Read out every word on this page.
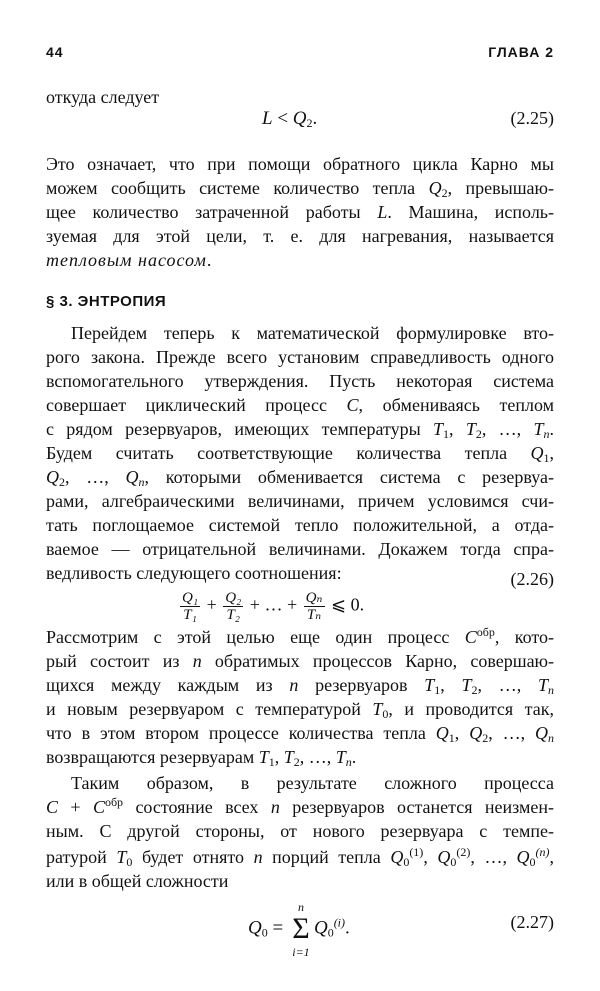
44	ГЛАВА 2
откуда следует
$L < Q_2$.	(2.25)
Это означает, что при помощи обратного цикла Карно мы
можем сообщить системе количество тепла $Q_2$, превышаю-
щее количество затраченной работы L. Машина, исполь-
зуемая для этой цели, т. е. для нагревания, называется
тепловым насосом.
§ 3. ЭНТРОПИЯ
Перейдем теперь к математической формулировке вто-
рого закона. Прежде всего установим справедливость одного
вспомогательного утверждения. Пусть некоторая система
совершает циклический процесс C, обмениваясь теплом
с рядом резервуаров, имеющих температуры $T_1$, $T_2$, …, $T_n$.
Будем считать соответствующие количества тепла $Q_1$,
$Q_2$, …, $Q_n$, которыми обменивается система с резервуа-
рами, алгебраическими величинами, причем условимся счи-
тать поглощаемое системой тепло положительной, а отда-
ваемое — отрицательной величинами. Докажем тогда спра-
ведливость следующего соотношения:
$\frac{\text{Q₁}}{\text{T₁}} + \frac{\text{Q₂}}{\text{T₂}}$ + … + $\frac{\text{Qₙ}}{\text{Tₙ}}$ ⩽ 0.
(2.26)
Рассмотрим с этой целью еще один процесс $C^{обр}$, кото-
рый состоит из n обратимых процессов Карно, совершаю-
щихся между каждым из n резервуаров $T_1$, $T_2$, …, $T_n$
и новым резервуаром с температурой $T_0$, и проводится так,
что в этом втором процессе количества тепла $Q_1$, $Q_2$, …, $Q_n$
возвращаются резервуарам $T_1$, $T_2$, …, $T_n$.
Таким образом, в результате сложного процесса
$C + C^{обр}$ состояние всех n резервуаров останется неизмен-
ным. С другой стороны, от нового резервуара с темпе-
ратурой $T_0$ будет отнято n порций тепла $Q_0^{(1)}$, $Q_0^{(2)}$, …, $Q_0^{(n)}$,
или в общей сложности
$Q_0$ =
n
Σ
i=1
$Q_0^{(i)}$.	(2.27)
